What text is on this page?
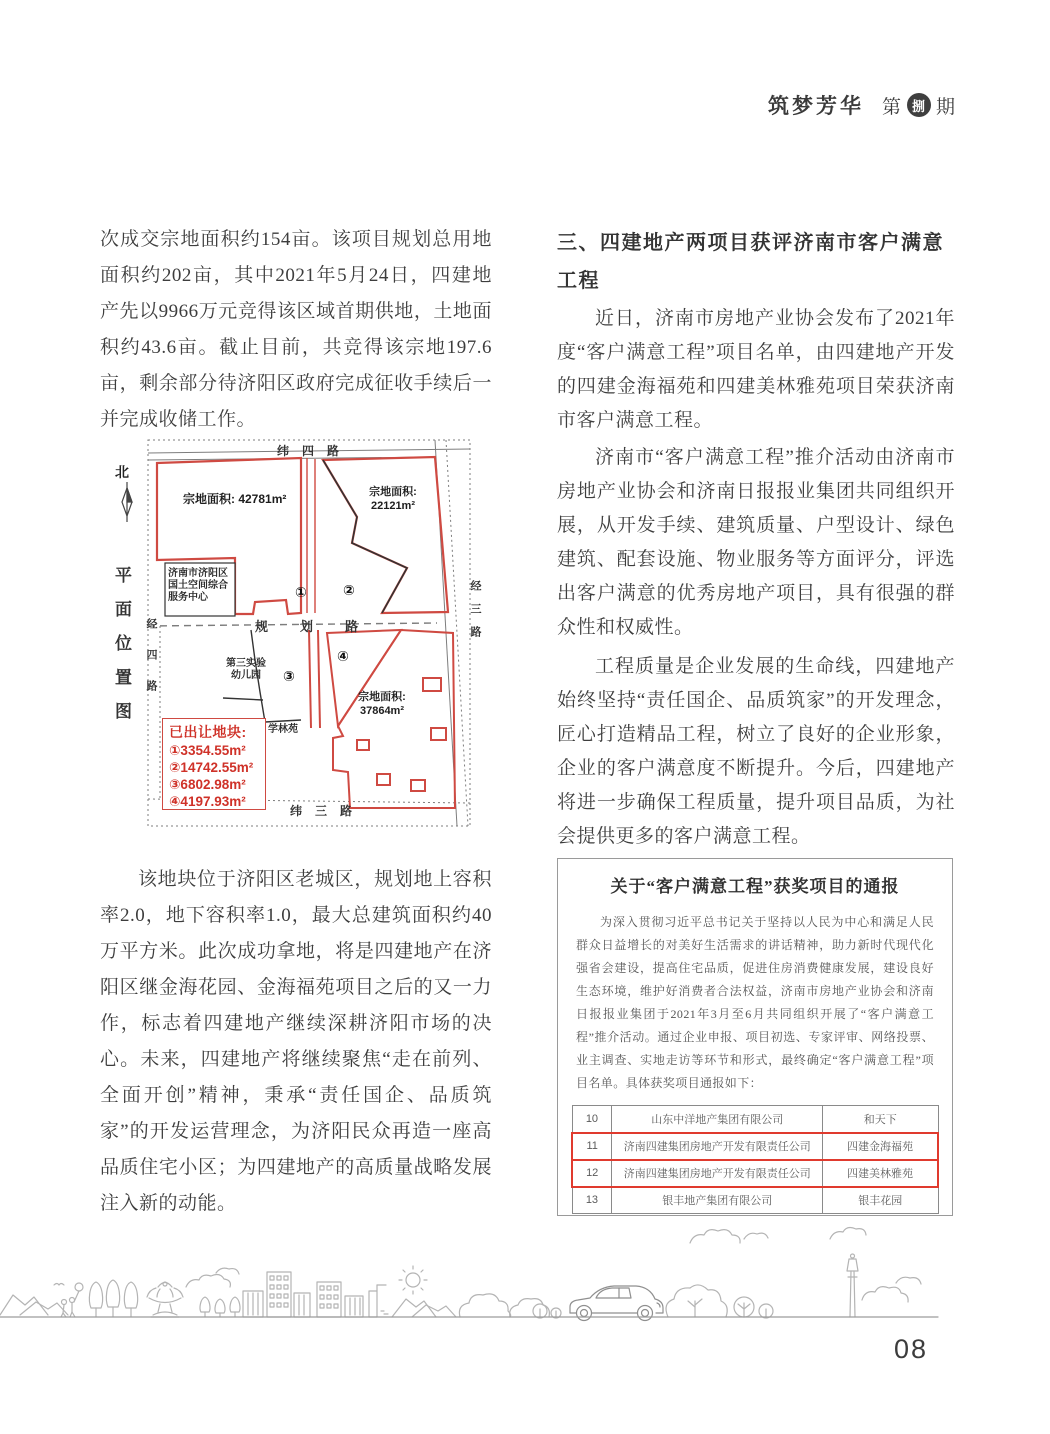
筑梦芳华 第 捌 期
次成交宗地面积约154亩。该项目规划总用地面积约202亩，其中2021年5月24日，四建地产先以9966万元竞得该区域首期供地，土地面积约43.6亩。截止目前，共竞得该宗地197.6亩，剩余部分待济阳区政府完成征收手续后一并完成收储工作。
北
平面位置图
纬四路
规划路
纬三路
经四路
经三路
宗地面积: 42781m²	宗地面积:
22121m²
宗地面积:
37864m²
济南市济阳区国土空间综合服务中心
第三实验幼儿园
学林苑
①	②
③
④
已出让地块:
①3354.55m²
②14742.55m²
③6802.98m²
④4197.93m²
该地块位于济阳区老城区，规划地上容积率2.0，地下容积率1.0，最大总建筑面积约40万平方米。此次成功拿地，将是四建地产在济阳区继金海花园、金海福苑项目之后的又一力作，标志着四建地产继续深耕济阳市场的决心。未来，四建地产将继续聚焦“走在前列、全面开创”精神，秉承“责任国企、品质筑家”的开发运营理念，为济阳民众再造一座高品质住宅小区；为四建地产的高质量战略发展注入新的动能。
三、四建地产两项目获评济南市客户满意工程
近日，济南市房地产业协会发布了2021年度“客户满意工程”项目名单，由四建地产开发的四建金海福苑和四建美林雅苑项目荣获济南市客户满意工程。
济南市“客户满意工程”推介活动由济南市房地产业协会和济南日报报业集团共同组织开展，从开发手续、建筑质量、户型设计、绿色建筑、配套设施、物业服务等方面评分，评选出客户满意的优秀房地产项目，具有很强的群众性和权威性。
工程质量是企业发展的生命线，四建地产始终坚持“责任国企、品质筑家”的开发理念，匠心打造精品工程，树立了良好的企业形象，企业的客户满意度不断提升。今后，四建地产将进一步确保工程质量，提升项目品质，为社会提供更多的客户满意工程。
关于“客户满意工程”获奖项目的通报
为深入贯彻习近平总书记关于坚持以人民为中心和满足人民群众日益增长的对美好生活需求的讲话精神，助力新时代现代化强省会建设，提高住宅品质，促进住房消费健康发展，建设良好生态环境，维护好消费者合法权益，济南市房地产业协会和济南日报报业集团于2021年3月至6月共同组织开展了“客户满意工程”推介活动。通过企业申报、项目初选、专家评审、网络投票、业主调查、实地走访等环节和形式，最终确定“客户满意工程”项目名单。具体获奖项目通报如下：
10	山东中洋地产集团有限公司	和天下
11	济南四建集团房地产开发有限责任公司	四建金海福苑
12	济南四建集团房地产开发有限责任公司	四建美林雅苑
13	银丰地产集团有限公司	银丰花园
08
